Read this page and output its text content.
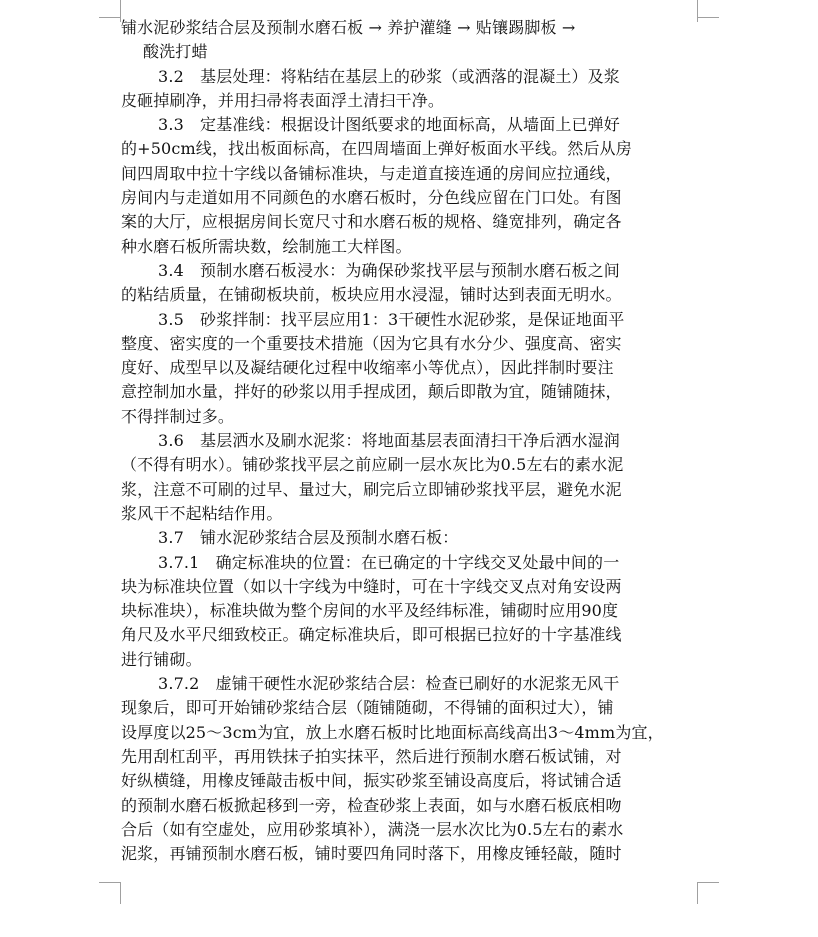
铺水泥砂浆结合层及预制水磨石板 → 养护灌缝 → 贴镶踢脚板 →
酸洗打蜡
3.2　基层处理：将粘结在基层上的砂浆（或洒落的混凝土）及浆
皮砸掉刷净，并用扫帚将表面浮土清扫干净。
3.3　定基准线：根据设计图纸要求的地面标高，从墙面上已弹好
的+50cm线，找出板面标高，在四周墙面上弹好板面水平线。然后从房
间四周取中拉十字线以备铺标准块，与走道直接连通的房间应拉通线，
房间内与走道如用不同颜色的水磨石板时，分色线应留在门口处。有图
案的大厅，应根据房间长宽尺寸和水磨石板的规格、缝宽排列，确定各
种水磨石板所需块数，绘制施工大样图。
3.4　预制水磨石板浸水：为确保砂浆找平层与预制水磨石板之间
的粘结质量，在铺砌板块前，板块应用水浸湿，铺时达到表面无明水。
3.5　砂浆拌制：找平层应用1：3干硬性水泥砂浆，是保证地面平
整度、密实度的一个重要技术措施（因为它具有水分少、强度高、密实
度好、成型早以及凝结硬化过程中收缩率小等优点），因此拌制时要注
意控制加水量，拌好的砂浆以用手捏成团，颠后即散为宜，随铺随抹，
不得拌制过多。
3.6　基层洒水及刷水泥浆：将地面基层表面清扫干净后洒水湿润
（不得有明水）。铺砂浆找平层之前应刷一层水灰比为0.5左右的素水泥
浆，注意不可刷的过早、量过大，刷完后立即铺砂浆找平层，避免水泥
浆风干不起粘结作用。
3.7　铺水泥砂浆结合层及预制水磨石板：
3.7.1　确定标准块的位置：在已确定的十字线交叉处最中间的一
块为标准块位置（如以十字线为中缝时，可在十字线交叉点对角安设两
块标准块），标准块做为整个房间的水平及经纬标准，铺砌时应用90度
角尺及水平尺细致校正。确定标准块后，即可根据已拉好的十字基准线
进行铺砌。
3.7.2　虚铺干硬性水泥砂浆结合层：检查已刷好的水泥浆无风干
现象后，即可开始铺砂浆结合层（随铺随砌，不得铺的面积过大），铺
设厚度以25～3cm为宜，放上水磨石板时比地面标高线高出3～4mm为宜，
先用刮杠刮平，再用铁抹子拍实抹平，然后进行预制水磨石板试铺，对
好纵横缝，用橡皮锤敲击板中间，振实砂浆至铺设高度后，将试铺合适
的预制水磨石板掀起移到一旁，检查砂浆上表面，如与水磨石板底相吻
合后（如有空虚处，应用砂浆填补），满浇一层水次比为0.5左右的素水
泥浆，再铺预制水磨石板，铺时要四角同时落下，用橡皮锤轻敲，随时
